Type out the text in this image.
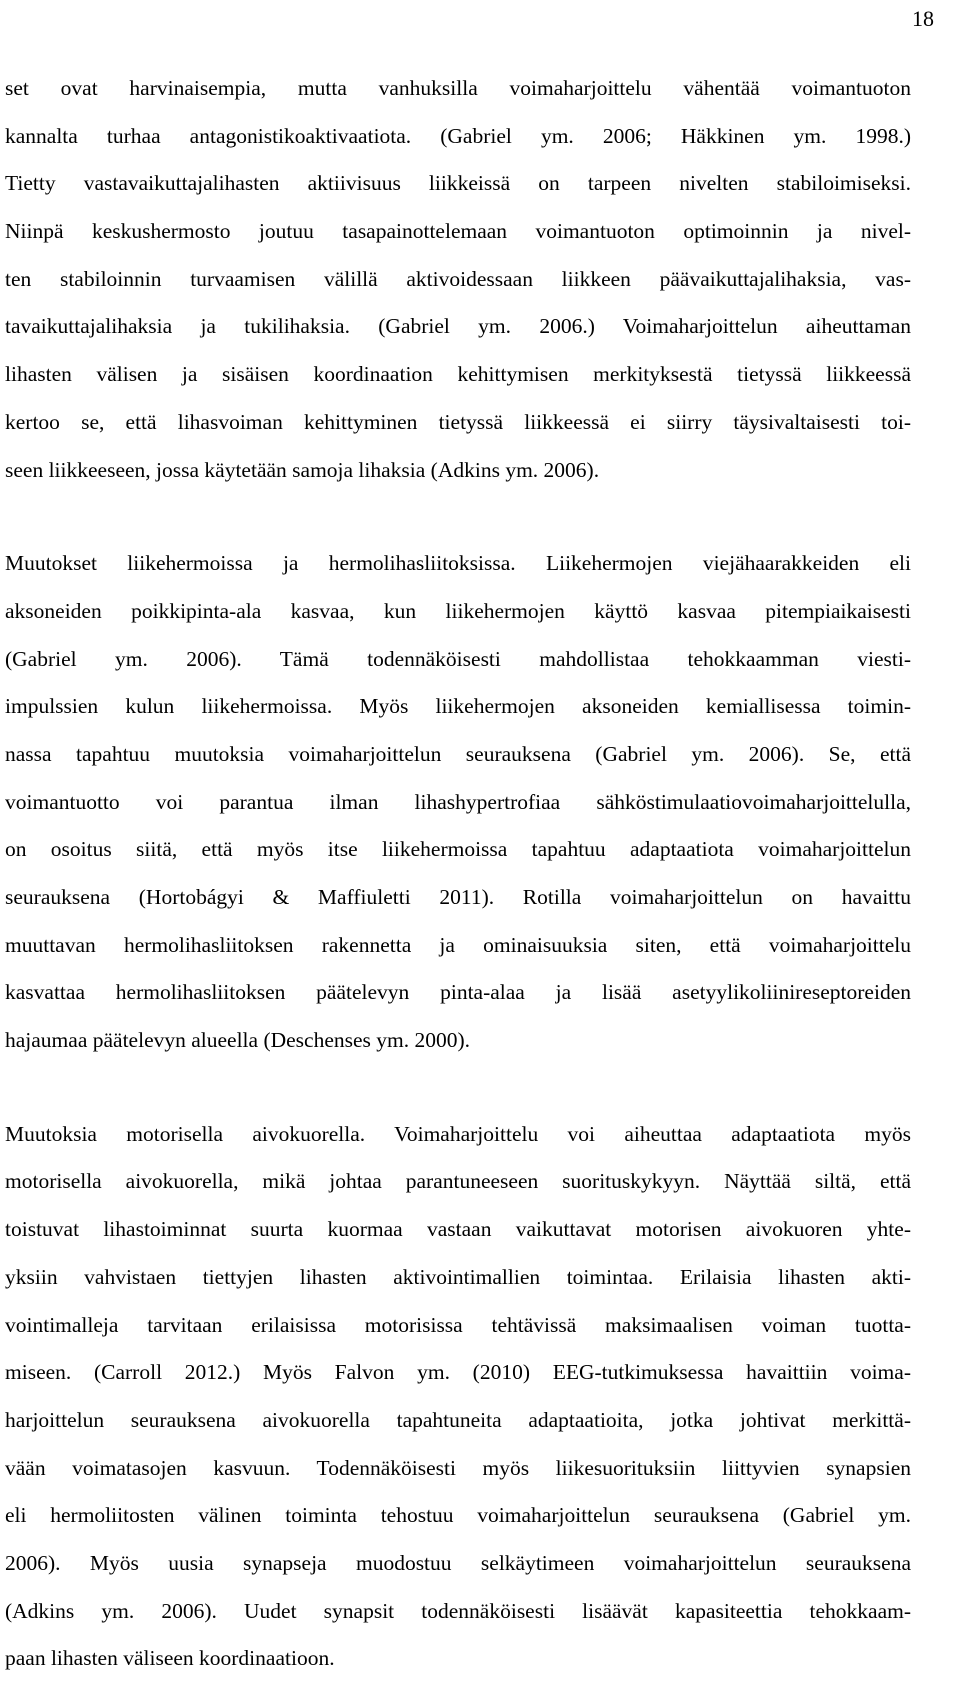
18
set ovat harvinaisempia, mutta vanhuksilla voimaharjoittelu vähentää voimantuoton
kannalta turhaa antagonistikoaktivaatiota. (Gabriel ym. 2006; Häkkinen ym. 1998.)
Tietty vastavaikuttajalihasten aktiivisuus liikkeissä on tarpeen nivelten stabiloimiseksi.
Niinpä keskushermosto joutuu tasapainottelemaan voimantuoton optimoinnin ja nivel-
ten stabiloinnin turvaamisen välillä aktivoidessaan liikkeen päävaikuttajalihaksia, vas-
tavaikuttajalihaksia ja tukilihaksia. (Gabriel ym. 2006.) Voimaharjoittelun aiheuttaman
lihasten välisen ja sisäisen koordinaation kehittymisen merkityksestä tietyssä liikkeessä
kertoo se, että lihasvoiman kehittyminen tietyssä liikkeessä ei siirry täysivaltaisesti toi-
seen liikkeeseen, jossa käytetään samoja lihaksia (Adkins ym. 2006).
Muutokset liikehermoissa ja hermolihasliitoksissa. Liikehermojen viejähaarakkeiden eli
aksoneiden poikkipinta-ala kasvaa, kun liikehermojen käyttö kasvaa pitempiaikaisesti
(Gabriel ym. 2006). Tämä todennäköisesti mahdollistaa tehokkaamman viesti-
impulssien kulun liikehermoissa. Myös liikehermojen aksoneiden kemiallisessa toimin-
nassa tapahtuu muutoksia voimaharjoittelun seurauksena (Gabriel ym. 2006). Se, että
voimantuotto voi parantua ilman lihashypertrofiaa sähköstimulaatiovoimaharjoittelulla,
on osoitus siitä, että myös itse liikehermoissa tapahtuu adaptaatiota voimaharjoittelun
seurauksena (Hortobágyi & Maffiuletti 2011). Rotilla voimaharjoittelun on havaittu
muuttavan hermolihasliitoksen rakennetta ja ominaisuuksia siten, että voimaharjoittelu
kasvattaa hermolihasliitoksen päätelevyn pinta-alaa ja lisää asetyylikoliinireseptoreiden
hajaumaa päätelevyn alueella (Deschenses ym. 2000).
Muutoksia motorisella aivokuorella. Voimaharjoittelu voi aiheuttaa adaptaatiota myös
motorisella aivokuorella, mikä johtaa parantuneeseen suorituskykyyn. Näyttää siltä, että
toistuvat lihastoiminnat suurta kuormaa vastaan vaikuttavat motorisen aivokuoren yhte-
yksiin vahvistaen tiettyjen lihasten aktivointimallien toimintaa. Erilaisia lihasten akti-
vointimalleja tarvitaan erilaisissa motorisissa tehtävissä maksimaalisen voiman tuotta-
miseen. (Carroll 2012.) Myös Falvon ym. (2010) EEG-tutkimuksessa havaittiin voima-
harjoittelun seurauksena aivokuorella tapahtuneita adaptaatioita, jotka johtivat merkittä-
vään voimatasojen kasvuun. Todennäköisesti myös liikesuorituksiin liittyvien synapsien
eli hermoliitosten välinen toiminta tehostuu voimaharjoittelun seurauksena (Gabriel ym.
2006). Myös uusia synapseja muodostuu selkäytimeen voimaharjoittelun seurauksena
(Adkins ym. 2006). Uudet synapsit todennäköisesti lisäävät kapasiteettia tehokkaam-
paan lihasten väliseen koordinaatioon.
